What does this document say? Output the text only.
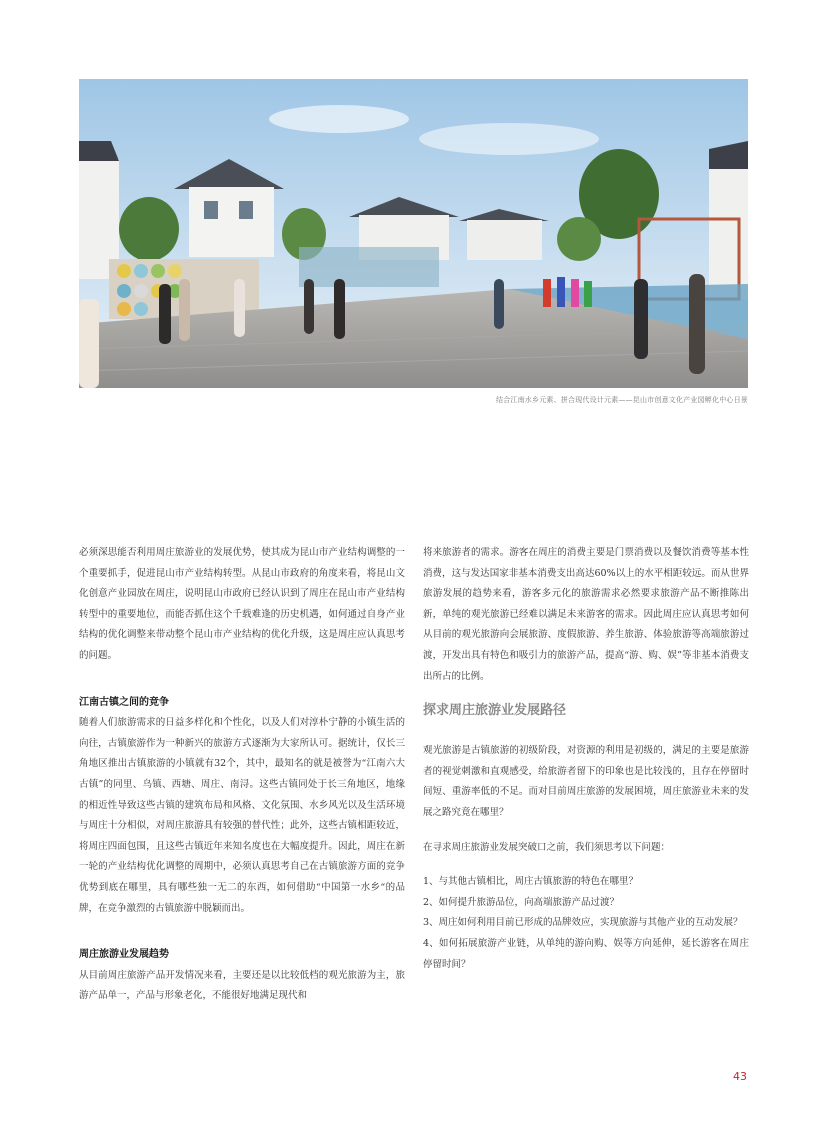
结合江南水乡元素、拼合现代设计元素——昆山市创意文化产业园孵化中心日景

必须深思能否利用周庄旅游业的发展优势，使其成为昆山市产业结构调整的一个重要抓手，促进昆山市产业结构转型。从昆山市政府的角度来看，将昆山文化创意产业园放在周庄，说明昆山市政府已经认识到了周庄在昆山市产业结构转型中的重要地位，而能否抓住这个千载难逢的历史机遇，如何通过自身产业结构的优化调整来带动整个昆山市产业结构的优化升级，这是周庄应认真思考的问题。

江南古镇之间的竞争

随着人们旅游需求的日益多样化和个性化，以及人们对淳朴宁静的小镇生活的向往，古镇旅游作为一种新兴的旅游方式逐渐为大家所认可。据统计，仅长三角地区推出古镇旅游的小镇就有32个，其中，最知名的就是被誉为“江南六大古镇”的同里、乌镇、西塘、周庄、南浔。这些古镇同处于长三角地区，地缘的相近性导致这些古镇的建筑布局和风格、文化氛围、水乡风光以及生活环境与周庄十分相似，对周庄旅游具有较强的替代性；此外，这些古镇相距较近，将周庄四面包围，且这些古镇近年来知名度也在大幅度提升。因此，周庄在新一轮的产业结构优化调整的周期中，必须认真思考自己在古镇旅游方面的竞争优势到底在哪里，具有哪些独一无二的东西，如何借助“中国第一水乡“的品牌，在竞争激烈的古镇旅游中脱颖而出。

周庄旅游业发展趋势

从目前周庄旅游产品开发情况来看，主要还是以比较低档的观光旅游为主，旅游产品单一，产品与形象老化，不能很好地满足现代和

将来旅游者的需求。游客在周庄的消费主要是门票消费以及餐饮消费等基本性消费，这与发达国家非基本消费支出高达60%以上的水平相距较远。而从世界旅游发展的趋势来看，游客多元化的旅游需求必然要求旅游产品不断推陈出新，单纯的观光旅游已经难以满足未来游客的需求。因此周庄应认真思考如何从目前的观光旅游向会展旅游、度假旅游、养生旅游、体验旅游等高端旅游过渡，开发出具有特色和吸引力的旅游产品，提高“游、购、娱”等非基本消费支出所占的比例。

探求周庄旅游业发展路径

观光旅游是古镇旅游的初级阶段，对资源的利用是初级的，满足的主要是旅游者的视觉刺激和直观感受，给旅游者留下的印象也是比较浅的，且存在停留时间短、重游率低的不足。而对目前周庄旅游的发展困境，周庄旅游业未来的发展之路究竟在哪里？

在寻求周庄旅游业发展突破口之前，我们须思考以下问题：

1、与其他古镇相比，周庄古镇旅游的特色在哪里？

2、如何提升旅游品位，向高端旅游产品过渡？

3、周庄如何利用目前已形成的品牌效应，实现旅游与其他产业的互动发展？

4、如何拓展旅游产业链，从单纯的游向购、娱等方向延伸，延长游客在周庄停留时间？

43
